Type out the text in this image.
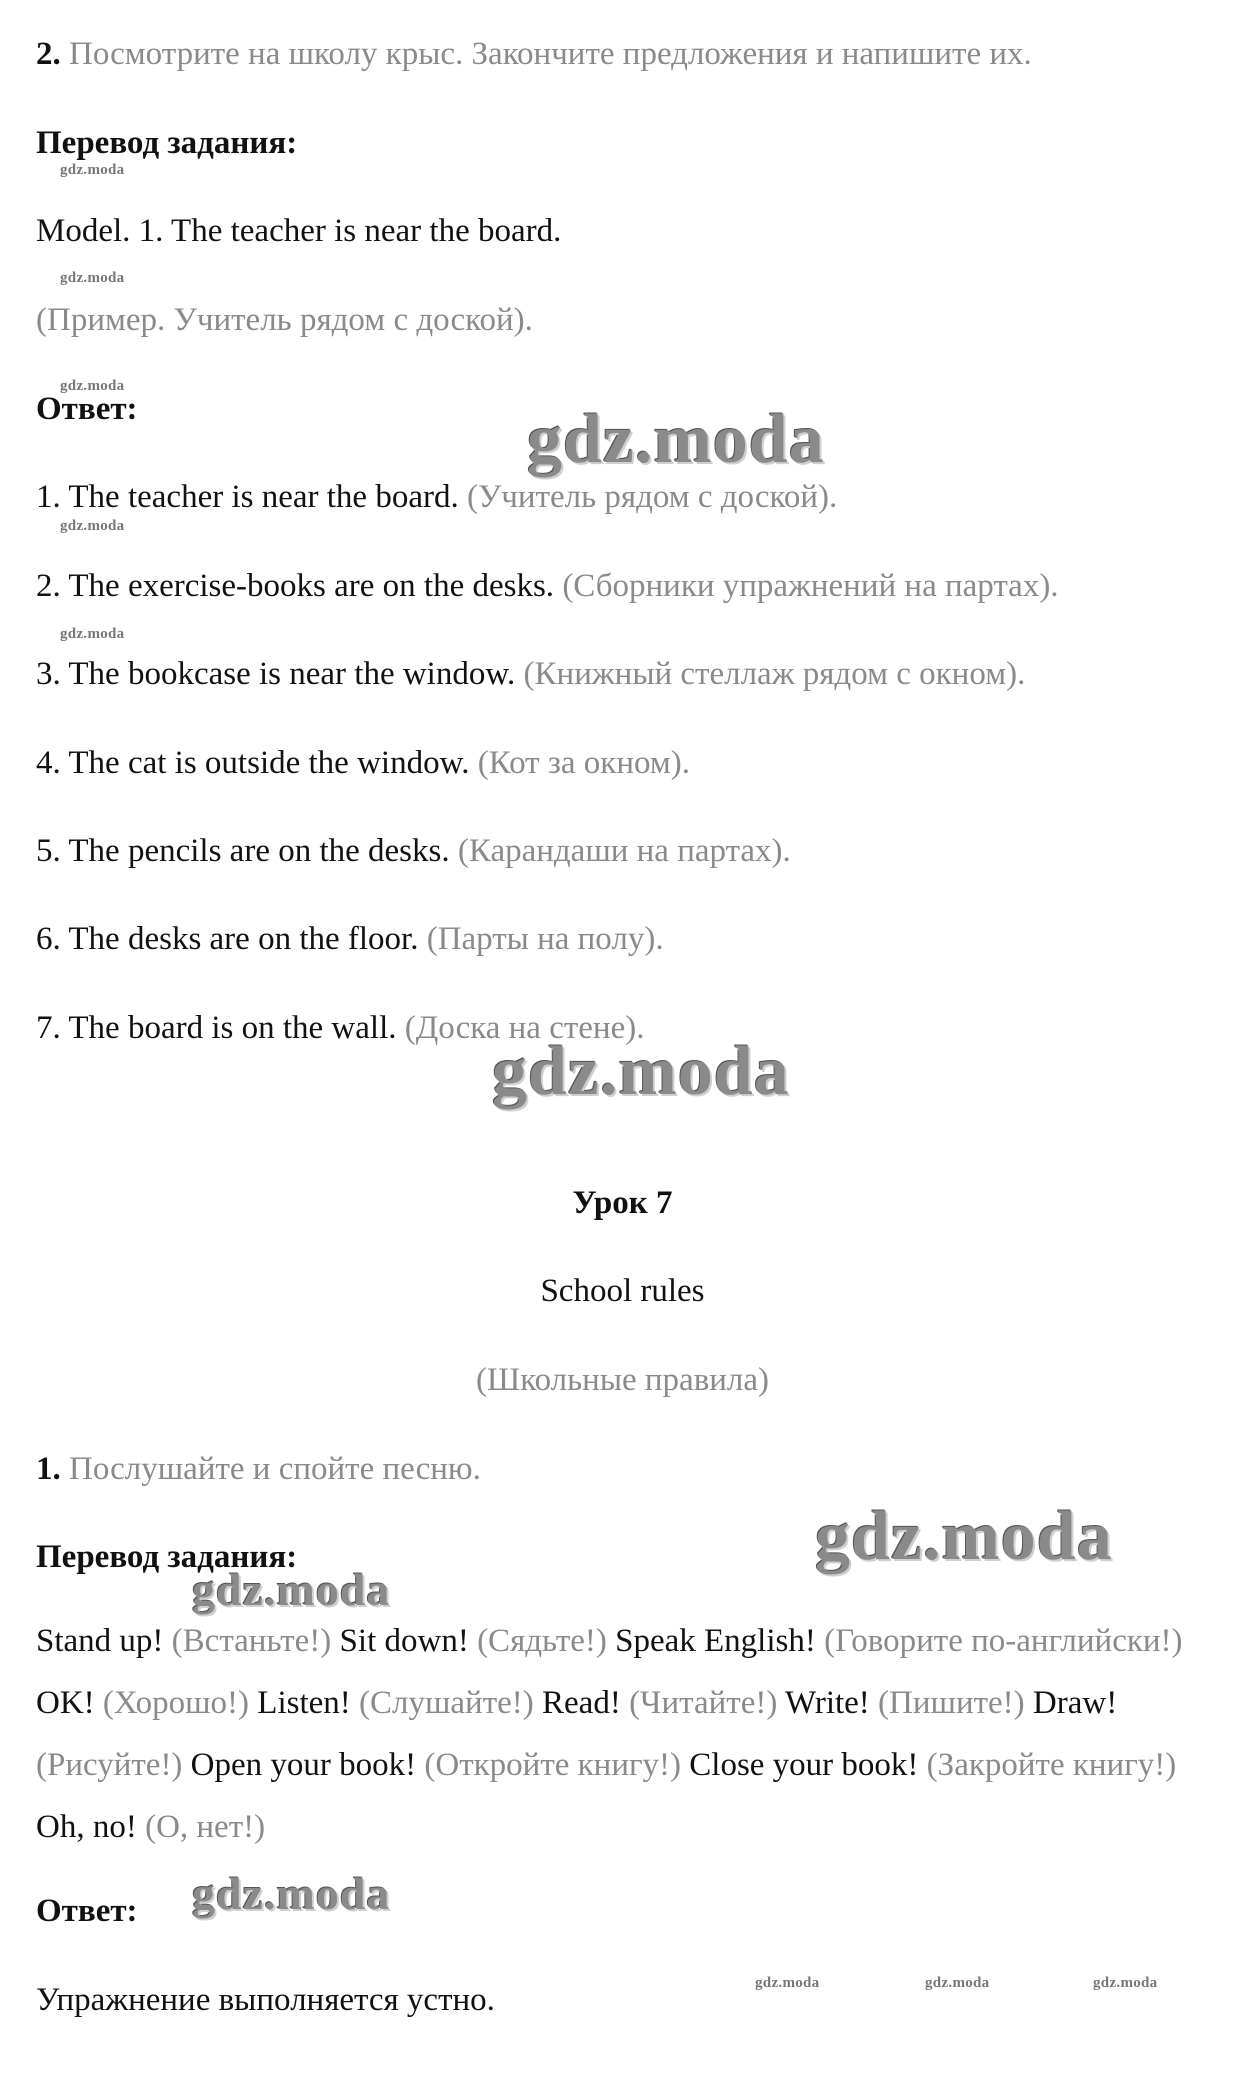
2. Посмотрите на школу крыс. Закончите предложения и напишите их.
Перевод задания:
Model. 1. The teacher is near the board.
(Пример. Учитель рядом с доской).
Ответ:
1. The teacher is near the board. (Учитель рядом с доской).
2. The exercise-books are on the desks. (Сборники упражнений на партах).
3. The bookcase is near the window. (Книжный стеллаж рядом с окном).
4. The cat is outside the window. (Кот за окном).
5. The pencils are on the desks. (Карандаши на партах).
6. The desks are on the floor. (Парты на полу).
7. The board is on the wall. (Доска на стене).
Урок 7
School rules
(Школьные правила)
1. Послушайте и спойте песню.
Перевод задания:
Stand up! (Встаньте!) Sit down! (Сядьте!) Speak English! (Говорите по-английски!) OK! (Хорошо!) Listen! (Слушайте!) Read! (Читайте!) Write! (Пишите!) Draw! (Рисуйте!) Open your book! (Откройте книгу!) Close your book! (Закройте книгу!) Oh, no! (О, нет!)
Ответ:
Упражнение выполняется устно.
gdz.moda
gdz.moda
gdz.moda
gdz.moda
gdz.moda
gdz.moda	gdz.moda	gdz.moda
gdz.moda
gdz.moda
gdz.moda
gdz.moda
gdz.moda
